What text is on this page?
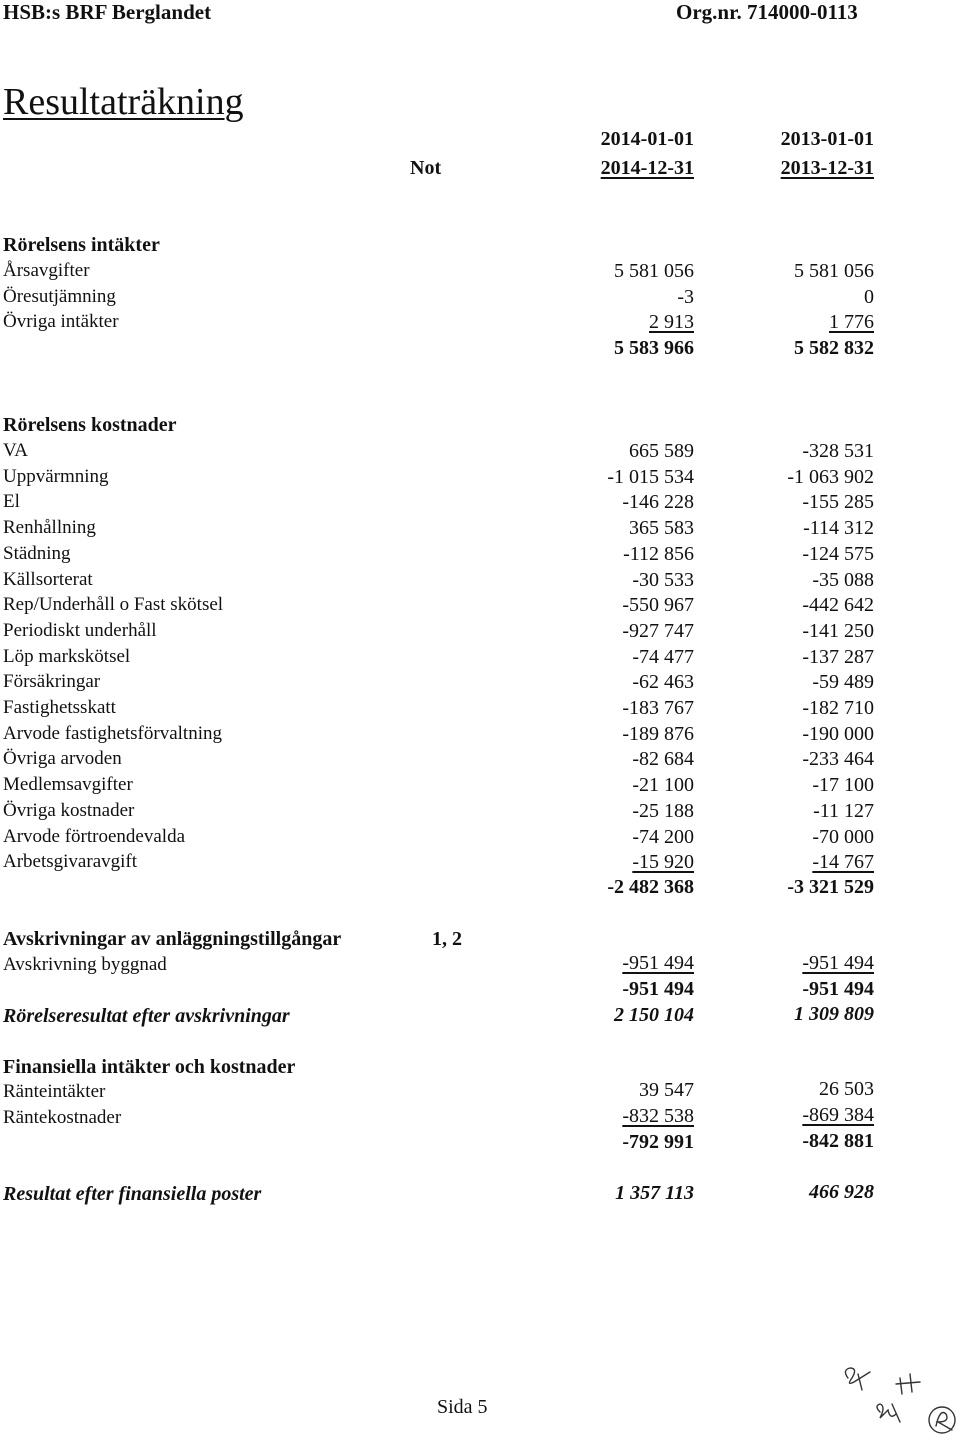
HSB:s BRF Berglandet	Org.nr. 714000-0113
Resultaträkning
2014-01-01	2013-01-01
Not	2014-12-31	2013-12-31
Rörelsens intäkter
Årsavgifter	5 581 056	5 581 056
Öresutjämning	-3	0
Övriga intäkter	2 913	1 776
5 583 966	5 582 832
Rörelsens kostnader
VA	665 589	-328 531
Uppvärmning	-1 015 534	-1 063 902
El	-146 228	-155 285
Renhållning	365 583	-114 312
Städning	-112 856	-124 575
Källsorterat	-30 533	-35 088
Rep/Underhåll o Fast skötsel	-550 967	-442 642
Periodiskt underhåll	-927 747	-141 250
Löp markskötsel	-74 477	-137 287
Försäkringar	-62 463	-59 489
Fastighetsskatt	-183 767	-182 710
Arvode fastighetsförvaltning	-189 876	-190 000
Övriga arvoden	-82 684	-233 464
Medlemsavgifter	-21 100	-17 100
Övriga kostnader	-25 188	-11 127
Arvode förtroendevalda	-74 200	-70 000
Arbetsgivaravgift	-15 920	-14 767
-2 482 368	-3 321 529
Avskrivningar av anläggningstillgångar	1, 2
Avskrivning byggnad	-951 494	-951 494
-951 494	-951 494
Rörelseresultat efter avskrivningar	2 150 104	1 309 809
Finansiella intäkter och kostnader
Ränteintäkter	39 547	26 503
Räntekostnader	-832 538	-869 384
-792 991	-842 881
Resultat efter finansiella poster	1 357 113	466 928
Sida 5
